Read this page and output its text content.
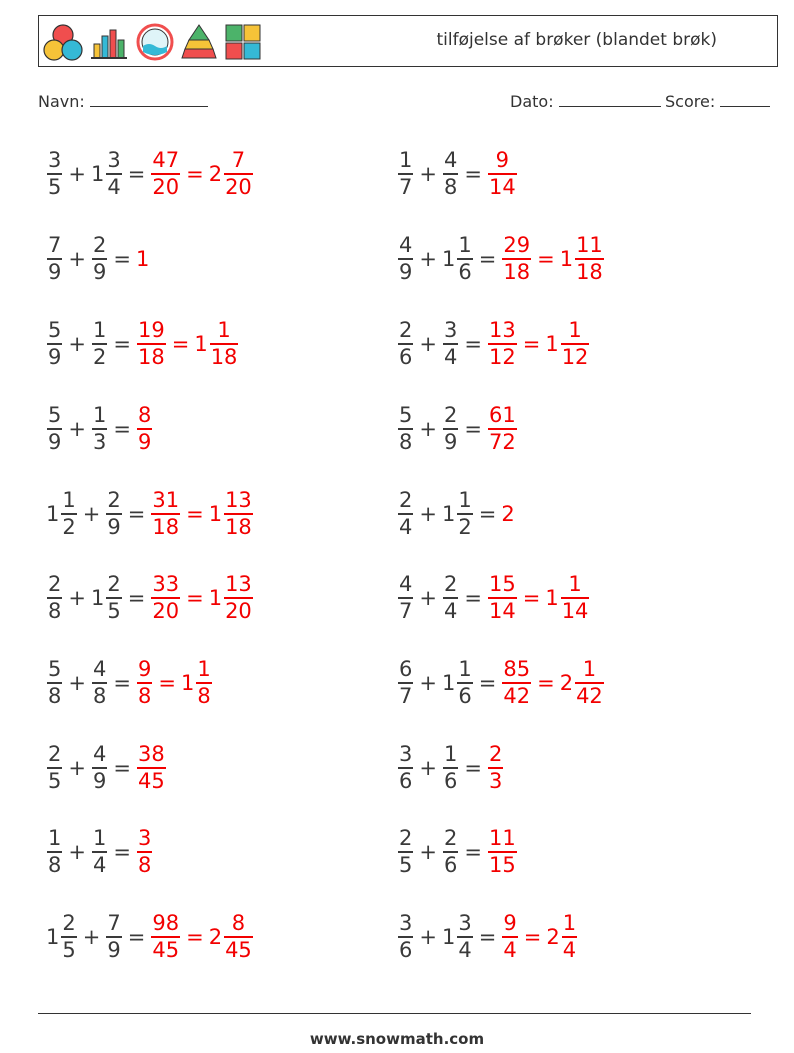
tilføjelse af brøker (blandet brøk)
Navn:	Dato:	Score:
$\frac{3}{5} + 1 \frac{3}{4} = \frac{47}{20} = 2 \frac{7}{20}$	$\frac{1}{7} + \frac{4}{8} = \frac{9}{14}$
$\frac{7}{9} + \frac{2}{9} = 1$	$\frac{4}{9} + 1 \frac{1}{6} = \frac{29}{18} = 1 \frac{11}{18}$
$\frac{5}{9} + \frac{1}{2} = \frac{19}{18} = 1 \frac{1}{18}$	$\frac{2}{6} + \frac{3}{4} = \frac{13}{12} = 1 \frac{1}{12}$
$\frac{5}{9} + \frac{1}{3} = \frac{8}{9}$	$\frac{5}{8} + \frac{2}{9} = \frac{61}{72}$
$1 \frac{1}{2} + \frac{2}{9} = \frac{31}{18} = 1 \frac{13}{18}$	$\frac{2}{4} + 1 \frac{1}{2} = 2$
$\frac{2}{8} + 1 \frac{2}{5} = \frac{33}{20} = 1 \frac{13}{20}$	$\frac{4}{7} + \frac{2}{4} = \frac{15}{14} = 1 \frac{1}{14}$
$\frac{5}{8} + \frac{4}{8} = \frac{9}{8} = 1 \frac{1}{8}$	$\frac{6}{7} + 1 \frac{1}{6} = \frac{85}{42} = 2 \frac{1}{42}$
$\frac{2}{5} + \frac{4}{9} = \frac{38}{45}$	$\frac{3}{6} + \frac{1}{6} = \frac{2}{3}$
$\frac{1}{8} + \frac{1}{4} = \frac{3}{8}$	$\frac{2}{5} + \frac{2}{6} = \frac{11}{15}$
$1 \frac{2}{5} + \frac{7}{9} = \frac{98}{45} = 2 \frac{8}{45}$	$\frac{3}{6} + 1 \frac{3}{4} = \frac{9}{4} = 2 \frac{1}{4}$
www.snowmath.com
